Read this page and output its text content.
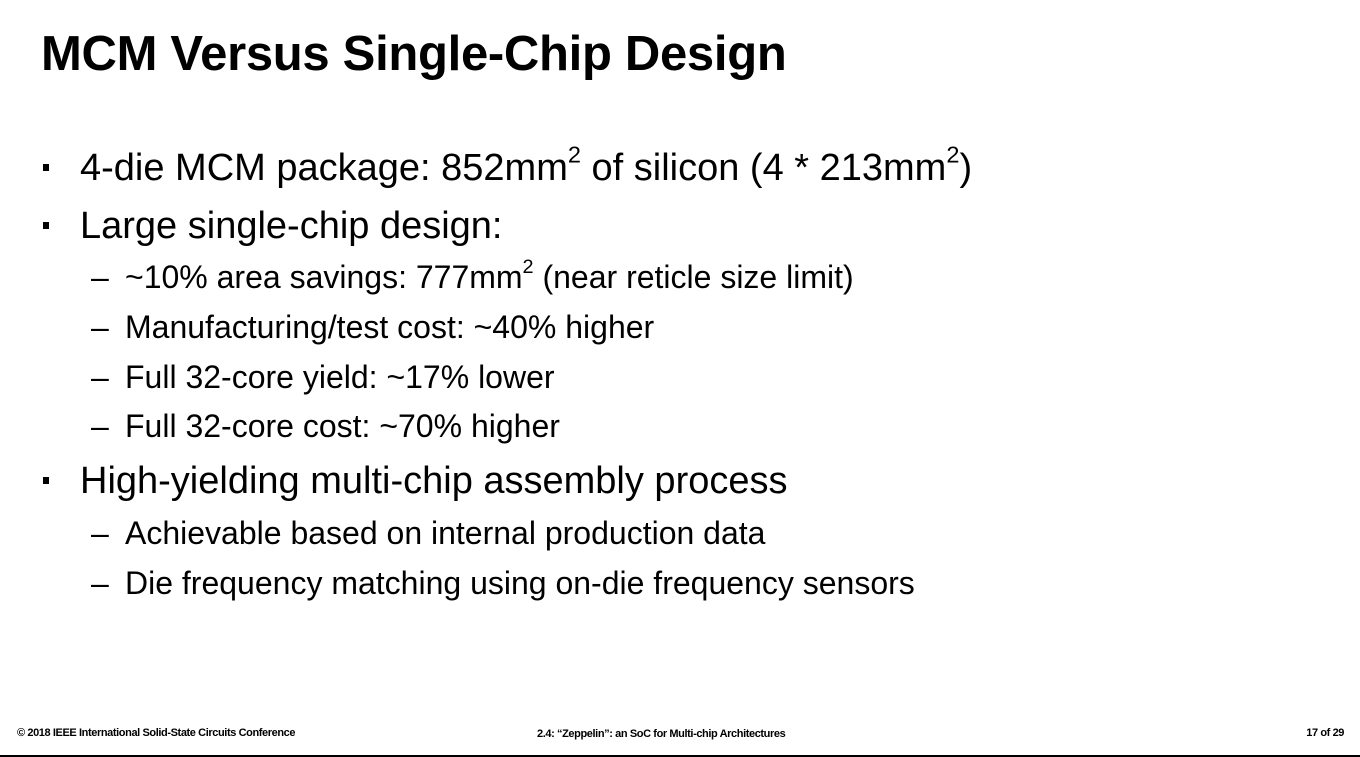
MCM Versus Single-Chip Design
4-die MCM package: $852mm^2$ of silicon $(4 * 213mm^2)$
Large single-chip design:
– ~10% area savings: $777mm^2$ (near reticle size limit)
– Manufacturing/test cost: ~40% higher
– Full 32-core yield: ~17% lower
– Full 32-core cost: ~70% higher
High-yielding multi-chip assembly process
– Achievable based on internal production data
– Die frequency matching using on-die frequency sensors
© 2018 IEEE International Solid-State Circuits Conference	2.4: “Zeppelin”: an SoC for Multi-chip Architectures	17 of 29
